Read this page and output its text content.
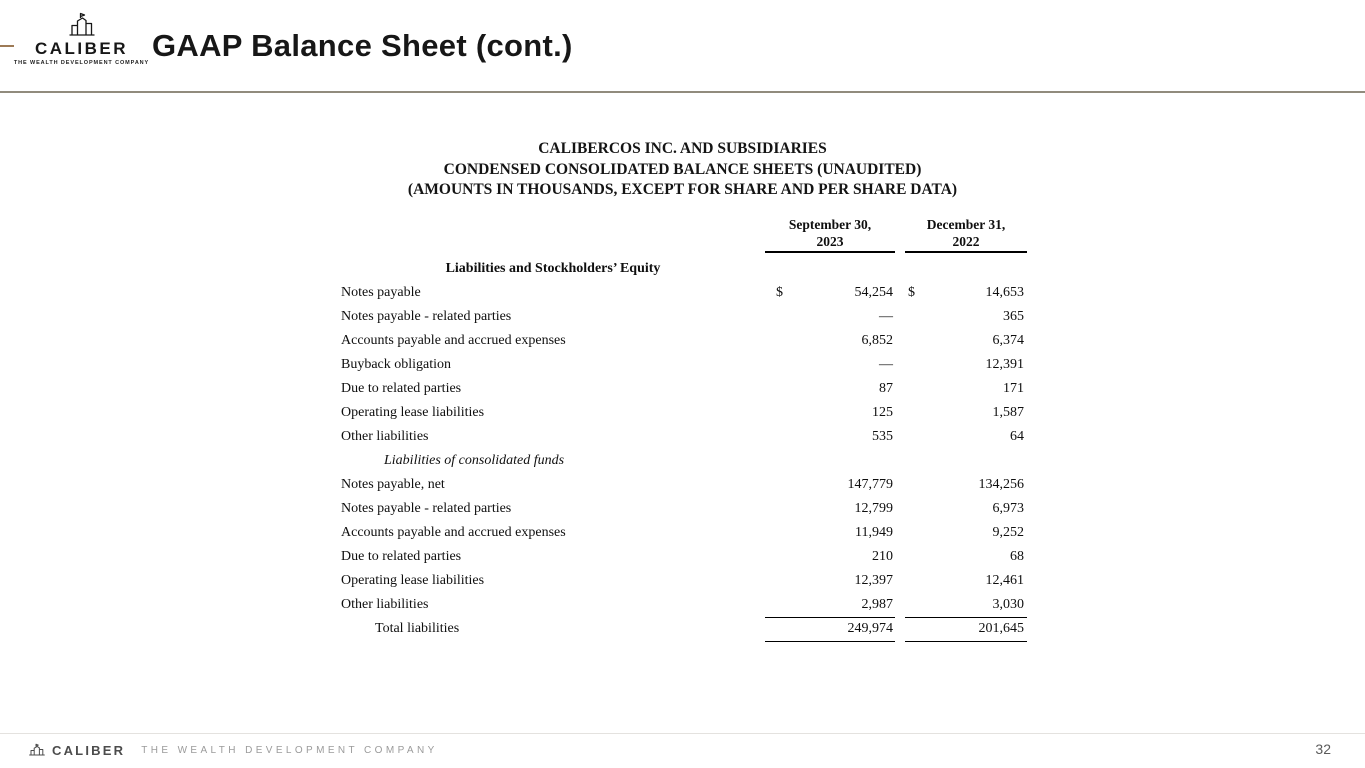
CALIBER
THE WEALTH DEVELOPMENT COMPANY GAAP Balance Sheet (cont.)
CALIBERCOS INC. AND SUBSIDIARIES
CONDENSED CONSOLIDATED BALANCE SHEETS (UNAUDITED)
(AMOUNTS IN THOUSANDS, EXCEPT FOR SHARE AND PER SHARE DATA)
September 30,
2023
December 31,
2022
Liabilities and Stockholders’ Equity
Notes payable	$	54,254 $	14,653
Notes payable - related parties	—	365
Accounts payable and accrued expenses	6,852	6,374
Buyback obligation	—	12,391
Due to related parties	87	171
Operating lease liabilities	125	1,587
Other liabilities	535	64
Liabilities of consolidated funds
Notes payable, net	147,779	134,256
Notes payable - related parties	12,799	6,973
Accounts payable and accrued expenses	11,949	9,252
Due to related parties	210	68
Operating lease liabilities	12,397	12,461
Other liabilities	2,987	3,030
Total liabilities	249,974	201,645
CALIBER THE WEALTH DEVELOPMENT COMPANY	32
